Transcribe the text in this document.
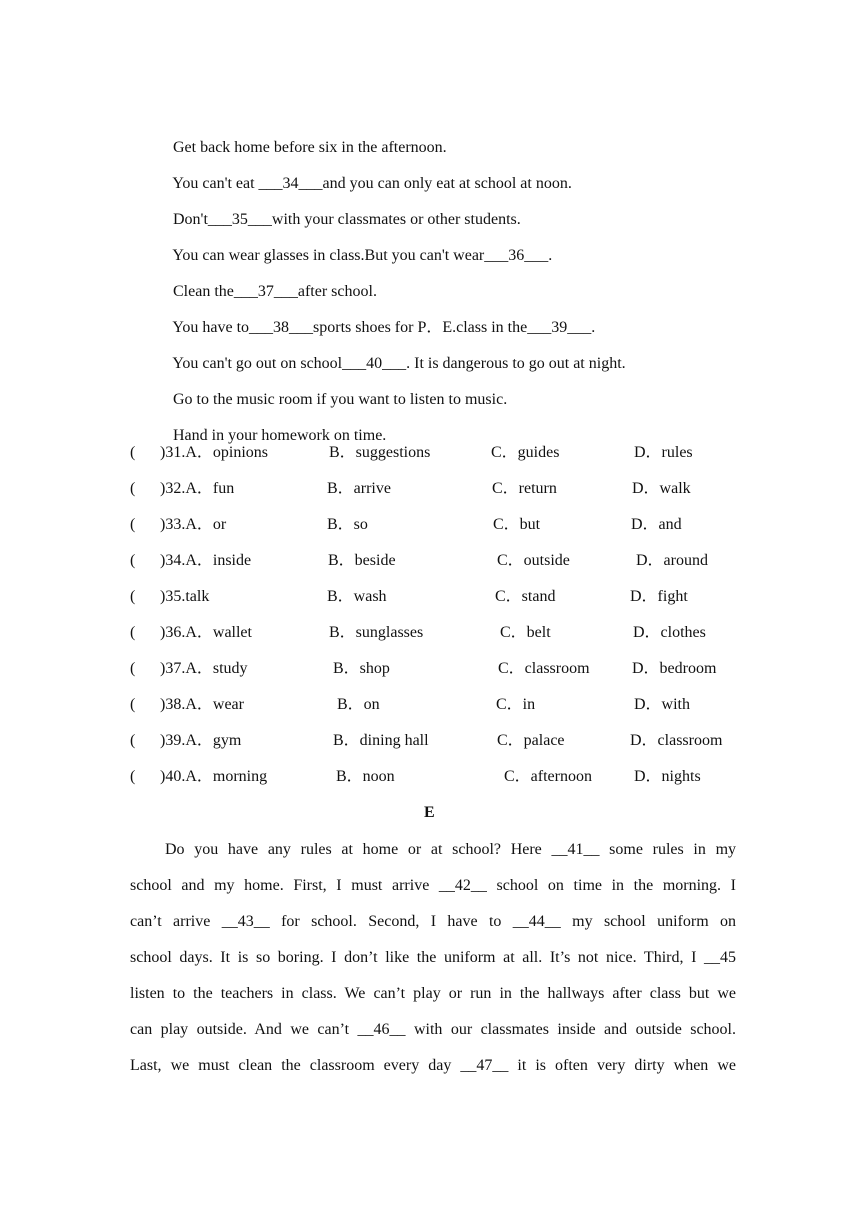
Get back home before six in the afternoon.

You can't eat ___34___and you can only eat at school at noon.

Don't___35___with your classmates or other students.

You can wear glasses in class.But you can't wear___36___.

Clean the___37___after school.

You have to___38___sports shoes for P．E.class in the___39___.

You can't go out on school___40___. It is dangerous to go out at night.

Go to the music room if you want to listen to music.

Hand in your homework on time.

( )31.A．opinions	B．suggestions	C．guides	D．rules
( )32.A．fun	B．arrive	C．return	D．walk
( )33.A．or	B．so	C．but	D．and
( )34.A．inside	B．beside	C．outside	D．around
( )35.talk	B．wash	C．stand	D．fight
( )36.A．wallet	B．sunglasses	C．belt	D．clothes
( )37.A．study	B．shop	C．classroom	D．bedroom
( )38.A．wear	B．on	C．in	D．with
( )39.A．gym	B．dining hall	C．palace	D．classroom
( )40.A．morning	B．noon	C．afternoon	D．nights
E
Do you have any rules at home or at school? Here __41__ some rules in my
school and my home. First, I must arrive __42__ school on time in the morning. I
can’t arrive __43__ for school. Second, I have to __44__ my school uniform on
school days. It is so boring. I don’t like the uniform at all. It’s not nice. Third, I __45
listen to the teachers in class. We can’t play or run in the hallways after class but we
can play outside. And we can’t __46__ with our classmates inside and outside school.
Last, we must clean the classroom every day __47__ it is often very dirty when we
